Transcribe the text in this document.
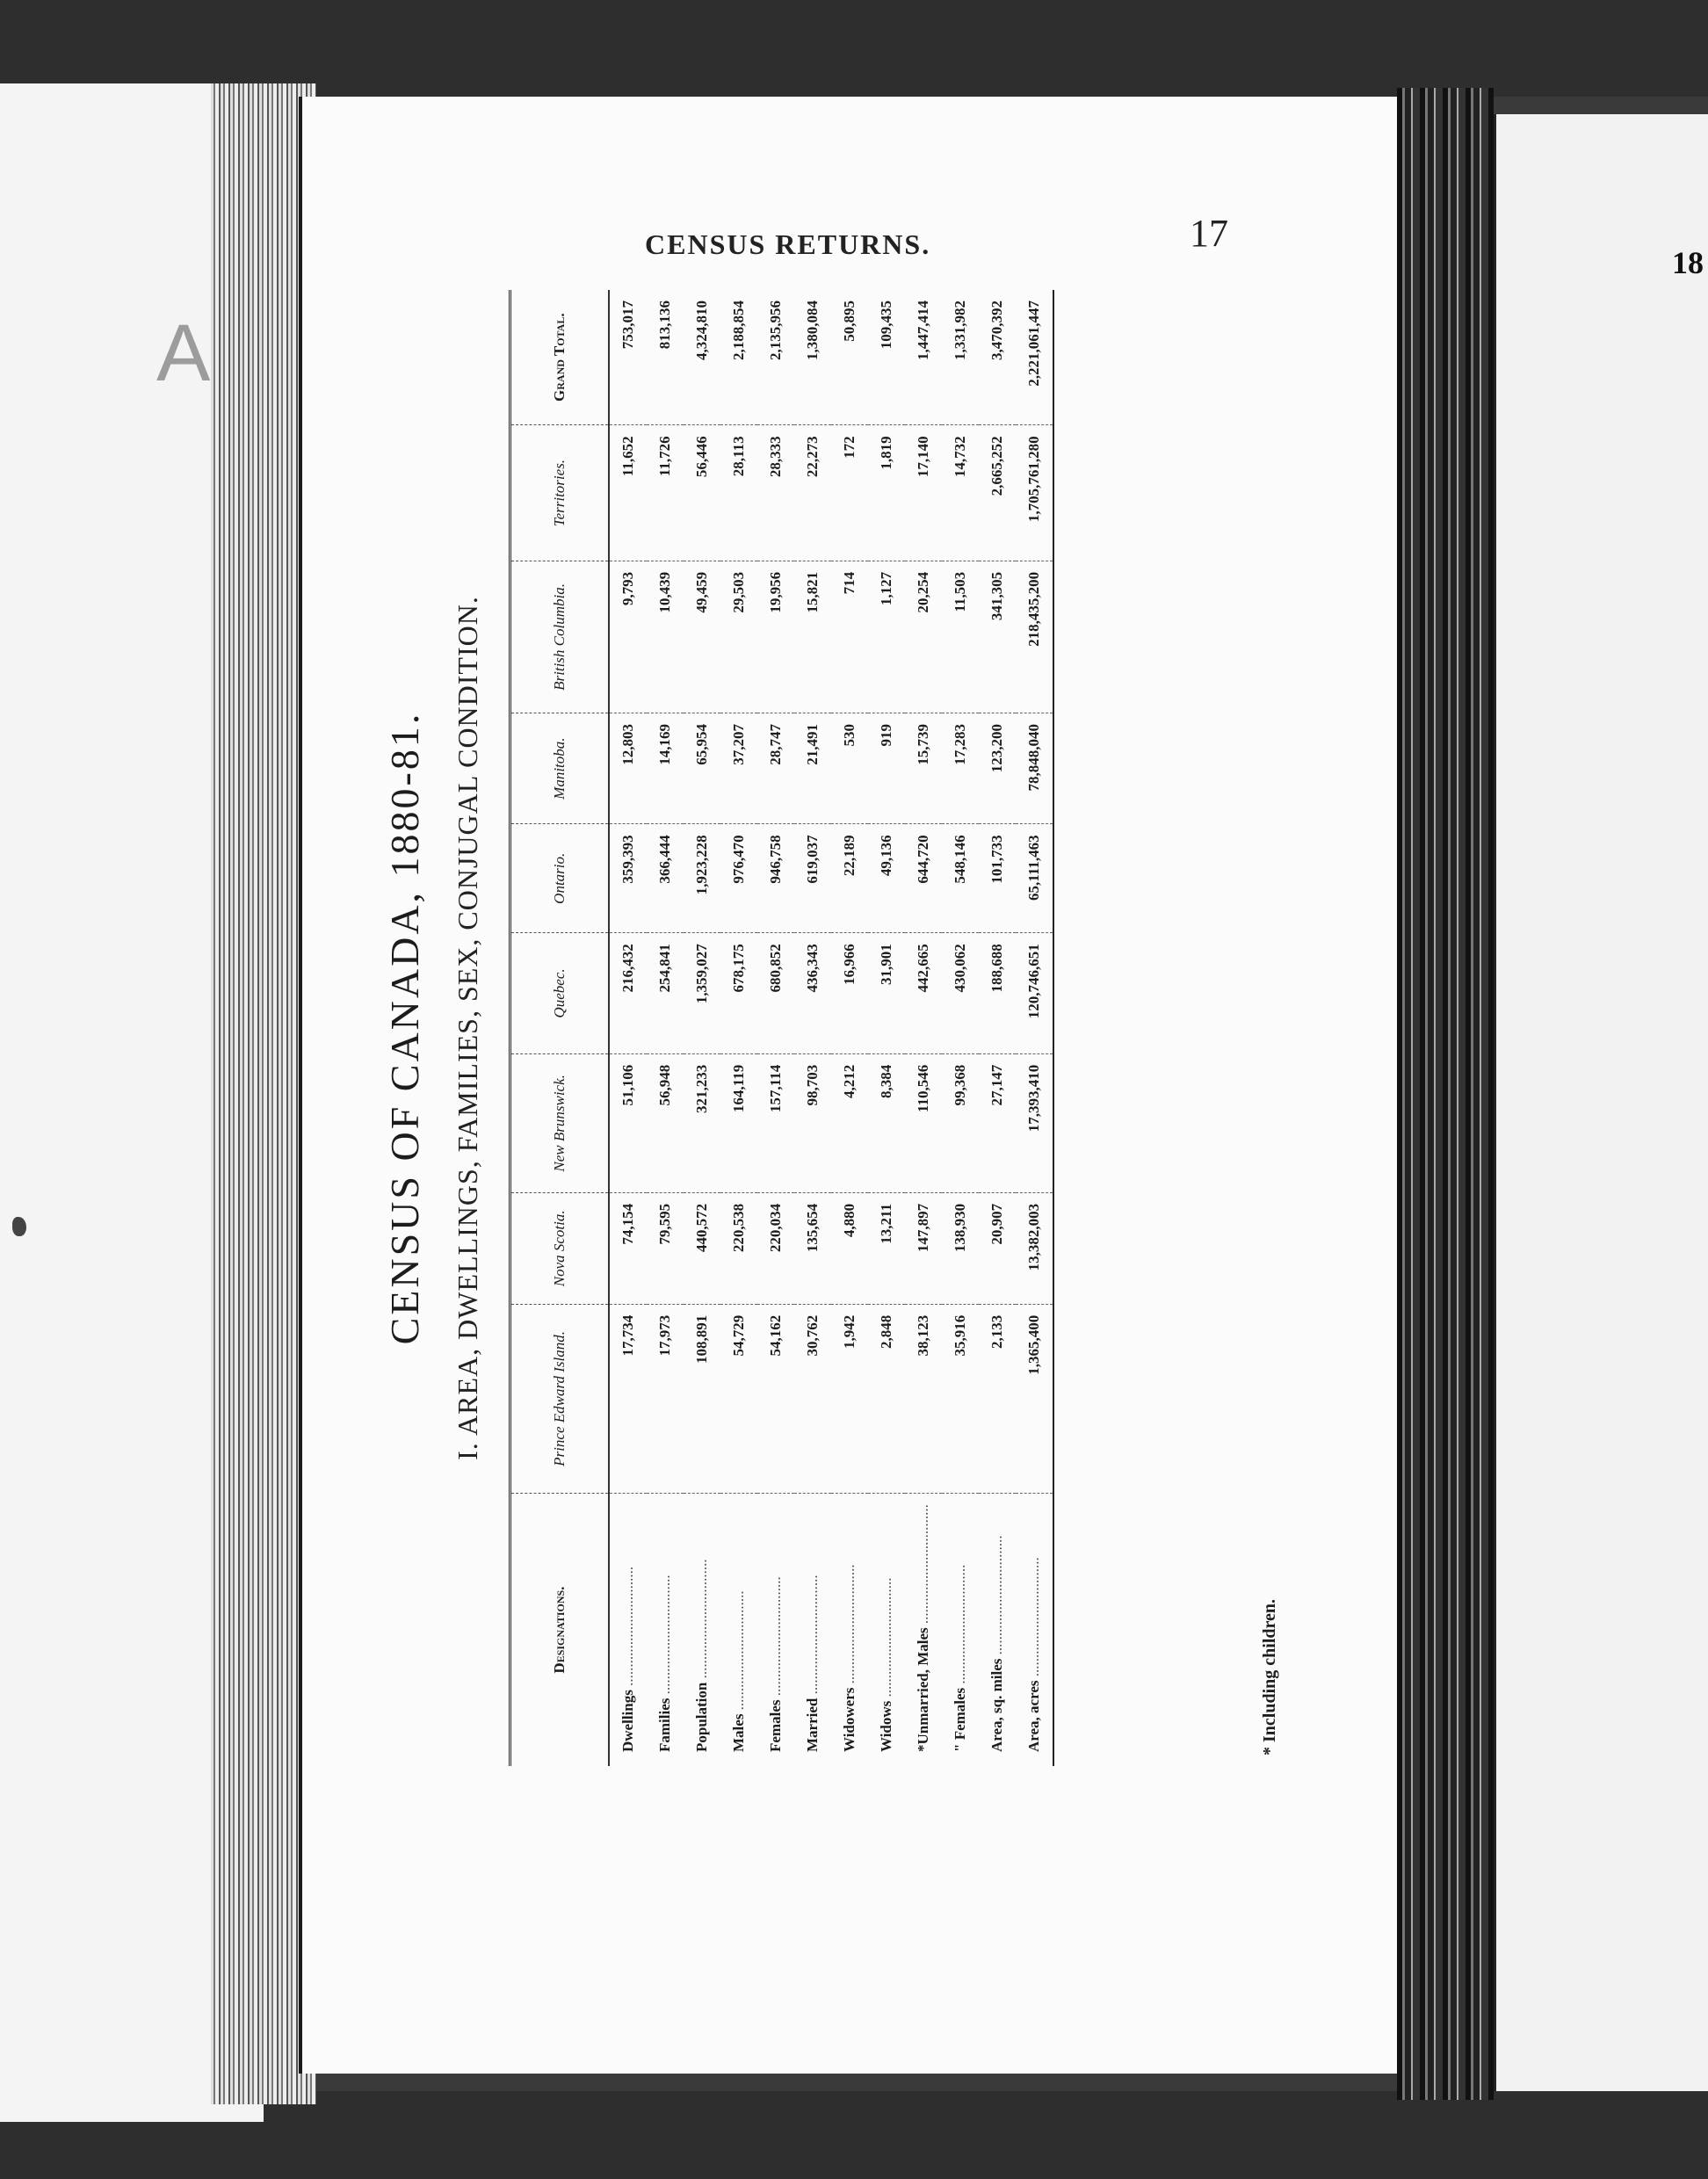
A
CENSUS RETURNS.	17
CENSUS OF CANADA, 1880-81. I. AREA, DWELLINGS, FAMILIES, SEX, CONJUGAL CONDITION.
Designations.	Prince Edward Island.	Nova Scotia.	New Brunswick.	Quebec.	Ontario.	Manitoba.	British Columbia.	Territories.	Grand Total.
Dwellings .....	17,734	74,154	51,106	216,432	359,393	12,803	9,793	11,652	753,017
Families .....	17,973	79,595	56,948	254,841	366,444	14,169	10,439	11,726	813,136
Population .....	108,891	440,572	321,233	1,359,027	1,923,228	65,954	49,459	56,446	4,324,810
Males .....	54,729	220,538	164,119	678,175	976,470	37,207	29,503	28,113	2,188,854
Females .....	54,162	220,034	157,114	680,852	946,758	28,747	19,956	28,333	2,135,956
Married .....	30,762	135,654	98,703	436,343	619,037	21,491	15,821	22,273	1,380,084
Widowers .....	1,942	4,880	4,212	16,966	22,189	530	714	172	50,895
Widows .....	2,848	13,211	8,384	31,901	49,136	919	1,127	1,819	109,435
*Unmarried, Males .....	38,123	147,897	110,546	442,665	644,720	15,739	20,254	17,140	1,447,414
" Females .....	35,916	138,930	99,368	430,062	548,146	17,283	11,503	14,732	1,331,982
Area, sq. miles .....	2,133	20,907	27,147	188,688	101,733	123,200	341,305	2,665,252	3,470,392
Area, acres .....	1,365,400	13,382,003	17,393,410	120,746,651	65,111,463	78,848,040	218,435,200	1,705,761,280	2,221,061,447
* Including children.
18
